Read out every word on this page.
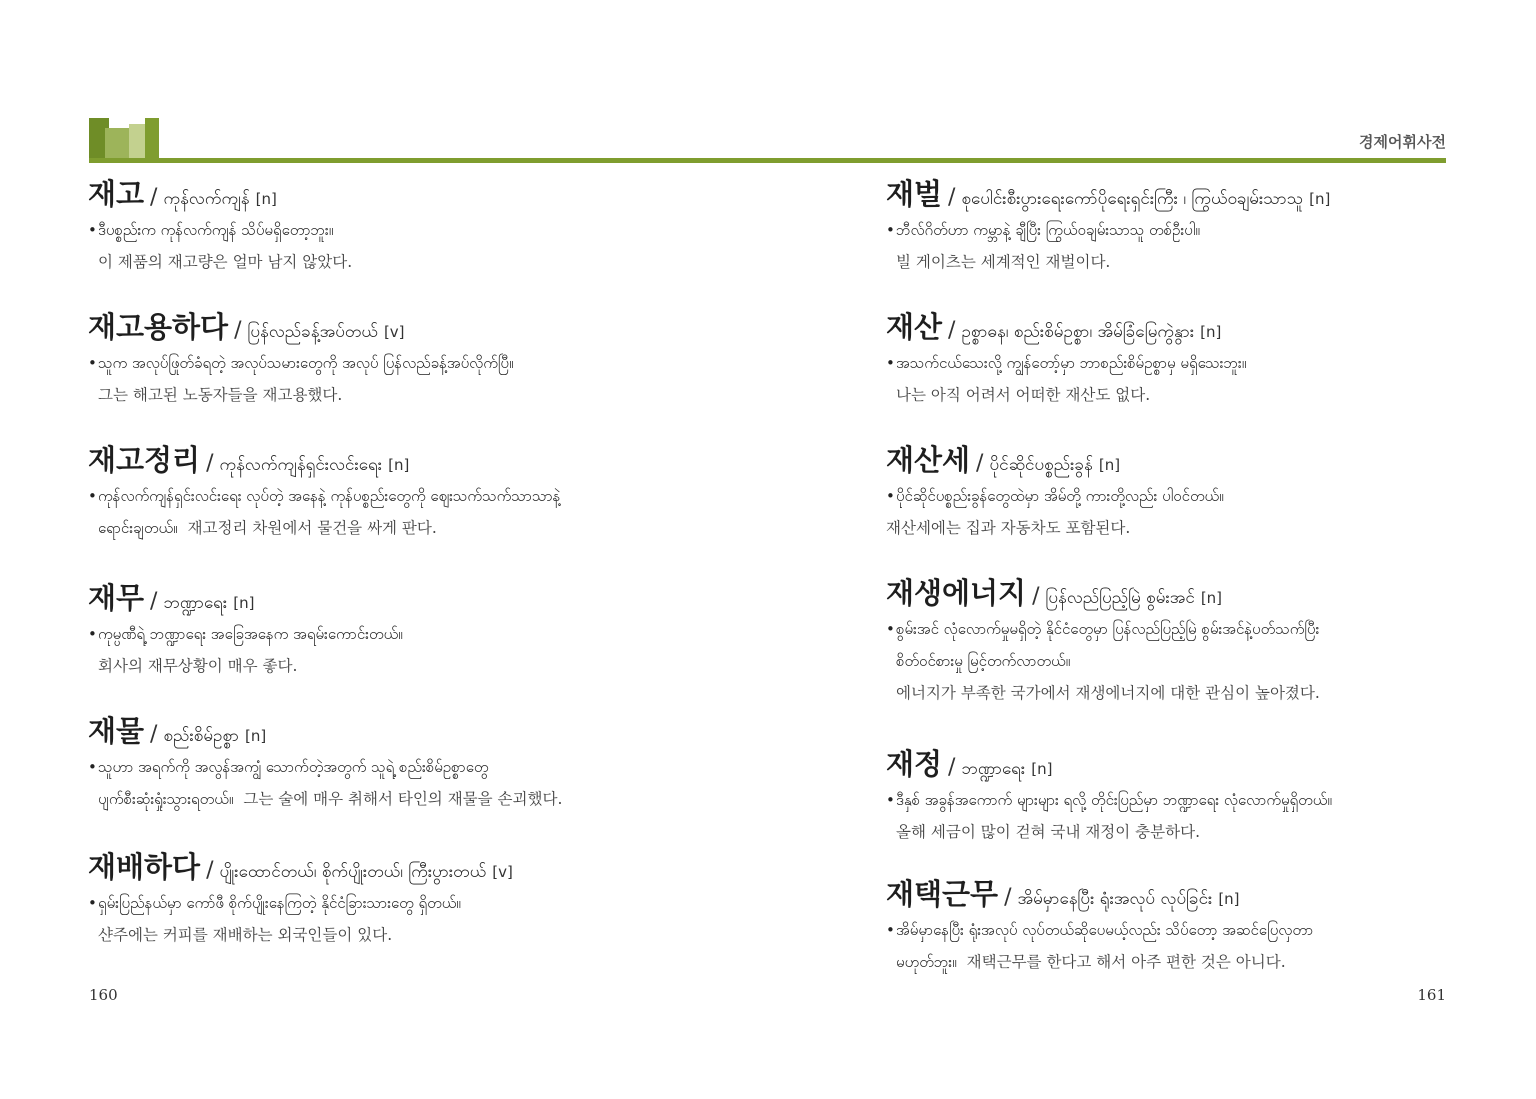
경제어휘사전
재고 / ကုန်လက်ကျန် [n]
•ဒီပစ္စည်းက ကုန်လက်ကျန် သိပ်မရှိတော့ဘူး။
이 제품의 재고량은 얼마 남지 않았다.
재고용하다 / ပြန်လည်ခန့်အပ်တယ် [v]
•သူက အလုပ်ဖြုတ်ခံရတဲ့ အလုပ်သမားတွေကို အလုပ် ပြန်လည်ခန့်အပ်လိုက်ပြီ။
그는 해고된 노동자들을 재고용했다.
재고정리 / ကုန်လက်ကျန်ရှင်းလင်းရေး [n]
•ကုန်လက်ကျန်ရှင်းလင်းရေး လုပ်တဲ့ အနေနဲ့ ကုန်ပစ္စည်းတွေကို ဈေးသက်သက်သာသာနဲ့
ရောင်းချတယ်။ 재고정리 차원에서 물건을 싸게 판다.
재무 / ဘဏ္ဍာရေး [n]
•ကုမ္ပဏီရဲ့ ဘဏ္ဍာရေး အခြေအနေက အရမ်းကောင်းတယ်။
회사의 재무상황이 매우 좋다.
재물 / စည်းစိမ်ဥစ္စာ [n]
•သူဟာ အရက်ကို အလွန်အကျွံ သောက်တဲ့အတွက် သူရဲ့ စည်းစိမ်ဥစ္စာတွေ
ပျက်စီးဆုံးရှုံးသွားရတယ်။ 그는 술에 매우 취해서 타인의 재물을 손괴했다.
재배하다 / ပျိုးထောင်တယ်၊ စိုက်ပျိုးတယ်၊ ကြီးပွားတယ် [v]
•ရှမ်းပြည်နယ်မှာ ကော်ဖီ စိုက်ပျိုးနေကြတဲ့ နိုင်ငံခြားသားတွေ ရှိတယ်။
샨주에는 커피를 재배하는 외국인들이 있다.
재벌 / စုပေါင်းစီးပွားရေးကော်ပိုရေးရှင်းကြီး ၊ ကြွယ်ဝချမ်းသာသူ [n]
•ဘီလ်ဂိတ်ဟာ ကမ္ဘာနဲ့ ချီပြီး ကြွယ်ဝချမ်းသာသူ တစ်ဦးပါ။
빌 게이츠는 세계적인 재벌이다.
재산 / ဥစ္စာဓန၊ စည်းစိမ်ဥစ္စာ၊ အိမ်ခြံမြေကွဲနွား [n]
•အသက်ငယ်သေးလို့ ကျွန်တော့်မှာ ဘာစည်းစိမ်ဥစ္စာမှ မရှိသေးဘူး။
나는 아직 어려서 어떠한 재산도 없다.
재산세 / ပိုင်ဆိုင်ပစ္စည်းခွန် [n]
•ပိုင်ဆိုင်ပစ္စည်းခွန်တွေထဲမှာ အိမ်တို့ ကားတို့လည်း ပါဝင်တယ်။
재산세에는 집과 자동차도 포함된다.
재생에너지 / ပြန်လည်ပြည့်မြဲ စွမ်းအင် [n]
•စွမ်းအင် လုံလောက်မှုမရှိတဲ့ နိုင်ငံတွေမှာ ပြန်လည်ပြည့်မြဲ စွမ်းအင်နဲ့ပတ်သက်ပြီး
စိတ်ဝင်စားမှု မြင့်တက်လာတယ်။
에너지가 부족한 국가에서 재생에너지에 대한 관심이 높아졌다.
재정 / ဘဏ္ဍာရေး [n]
•ဒီနှစ် အခွန်အကောက် များများ ရလို့ တိုင်းပြည်မှာ ဘဏ္ဍာရေး လုံလောက်မှုရှိတယ်။
올해 세금이 많이 걷혀 국내 재정이 충분하다.
재택근무 / အိမ်မှာနေပြီး ရုံးအလုပ် လုပ်ခြင်း [n]
•အိမ်မှာနေပြီး ရုံးအလုပ် လုပ်တယ်ဆိုပေမယ့်လည်း သိပ်တော့ အဆင်ပြေလှတာ
မဟုတ်ဘူး။ 재택근무를 한다고 해서 아주 편한 것은 아니다.
160	161
